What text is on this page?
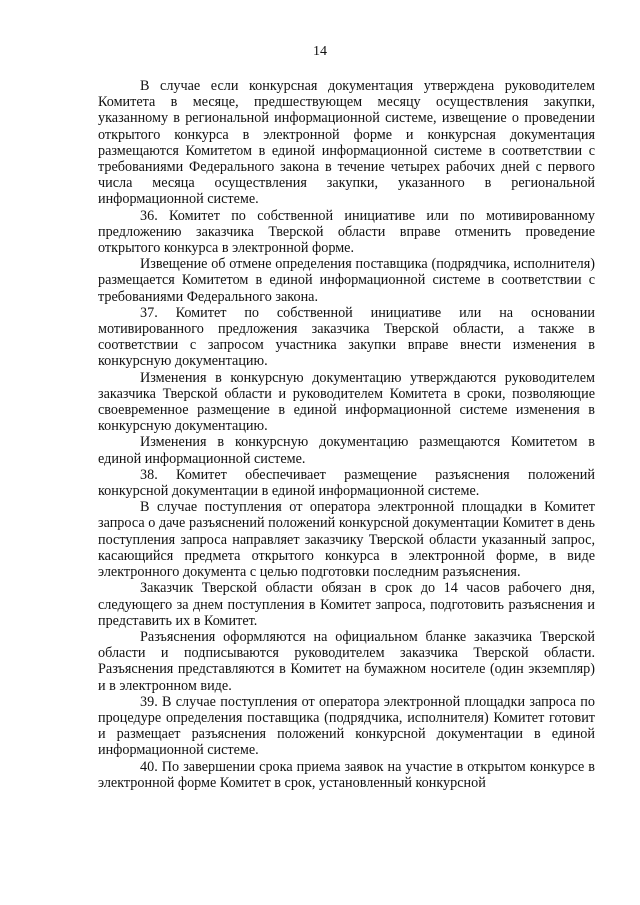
14

В случае если конкурсная документация утверждена руководителем Комитета в месяце, предшествующем месяцу осуществления закупки, указанному в региональной информационной системе, извещение о проведении открытого конкурса в электронной форме и конкурсная документация размещаются Комитетом в единой информационной системе в соответствии с требованиями Федерального закона в течение четырех рабочих дней с первого числа месяца осуществления закупки, указанного в региональной информационной системе.

36. Комитет по собственной инициативе или по мотивированному предложению заказчика Тверской области вправе отменить проведение открытого конкурса в электронной форме.

Извещение об отмене определения поставщика (подрядчика, исполнителя) размещается Комитетом в единой информационной системе в соответствии с требованиями Федерального закона.

37. Комитет по собственной инициативе или на основании мотивированного предложения заказчика Тверской области, а также в соответствии с запросом участника закупки вправе внести изменения в конкурсную документацию.

Изменения в конкурсную документацию утверждаются руководителем заказчика Тверской области и руководителем Комитета в сроки, позволяющие своевременное размещение в единой информационной системе изменения в конкурсную документацию.

Изменения в конкурсную документацию размещаются Комитетом в единой информационной системе.

38. Комитет обеспечивает размещение разъяснения положений конкурсной документации в единой информационной системе.

В случае поступления от оператора электронной площадки в Комитет запроса о даче разъяснений положений конкурсной документации Комитет в день поступления запроса направляет заказчику Тверской области указанный запрос, касающийся предмета открытого конкурса в электронной форме, в виде электронного документа с целью подготовки последним разъяснения.

Заказчик Тверской области обязан в срок до 14 часов рабочего дня, следующего за днем поступления в Комитет запроса, подготовить разъяснения и представить их в Комитет.

Разъяснения оформляются на официальном бланке заказчика Тверской области и подписываются руководителем заказчика Тверской области. Разъяснения представляются в Комитет на бумажном носителе (один экземпляр) и в электронном виде.

39. В случае поступления от оператора электронной площадки запроса по процедуре определения поставщика (подрядчика, исполнителя) Комитет готовит и размещает разъяснения положений конкурсной документации в единой информационной системе.

40. По завершении срока приема заявок на участие в открытом конкурсе в электронной форме Комитет в срок, установленный конкурсной
